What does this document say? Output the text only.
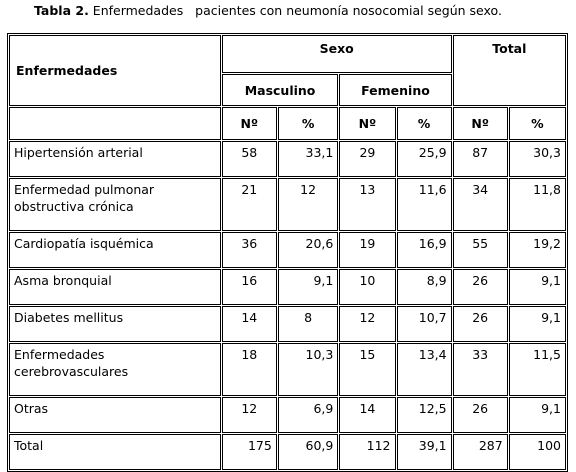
Tabla 2. Enfermedades   pacientes con neumonía nosocomial según sexo.
Enfermedades	Sexo				Total	
	Masculino		Femenino			
	Nº	%	Nº	%	Nº	%
Hipertensión arterial	58	33,1	29	25,9	87	30,3
Enfermedad pulmonar obstructiva crónica	21	12	13	11,6	34	11,8
Cardiopatía isquémica	36	20,6	19	16,9	55	19,2
Asma bronquial	16	9,1	10	8,9	26	9,1
Diabetes mellitus	14	8	12	10,7	26	9,1
Enfermedades cerebrovasculares	18	10,3	15	13,4	33	11,5
Otras	12	6,9	14	12,5	26	9,1
Total	175	60,9	112	39,1	287	100
